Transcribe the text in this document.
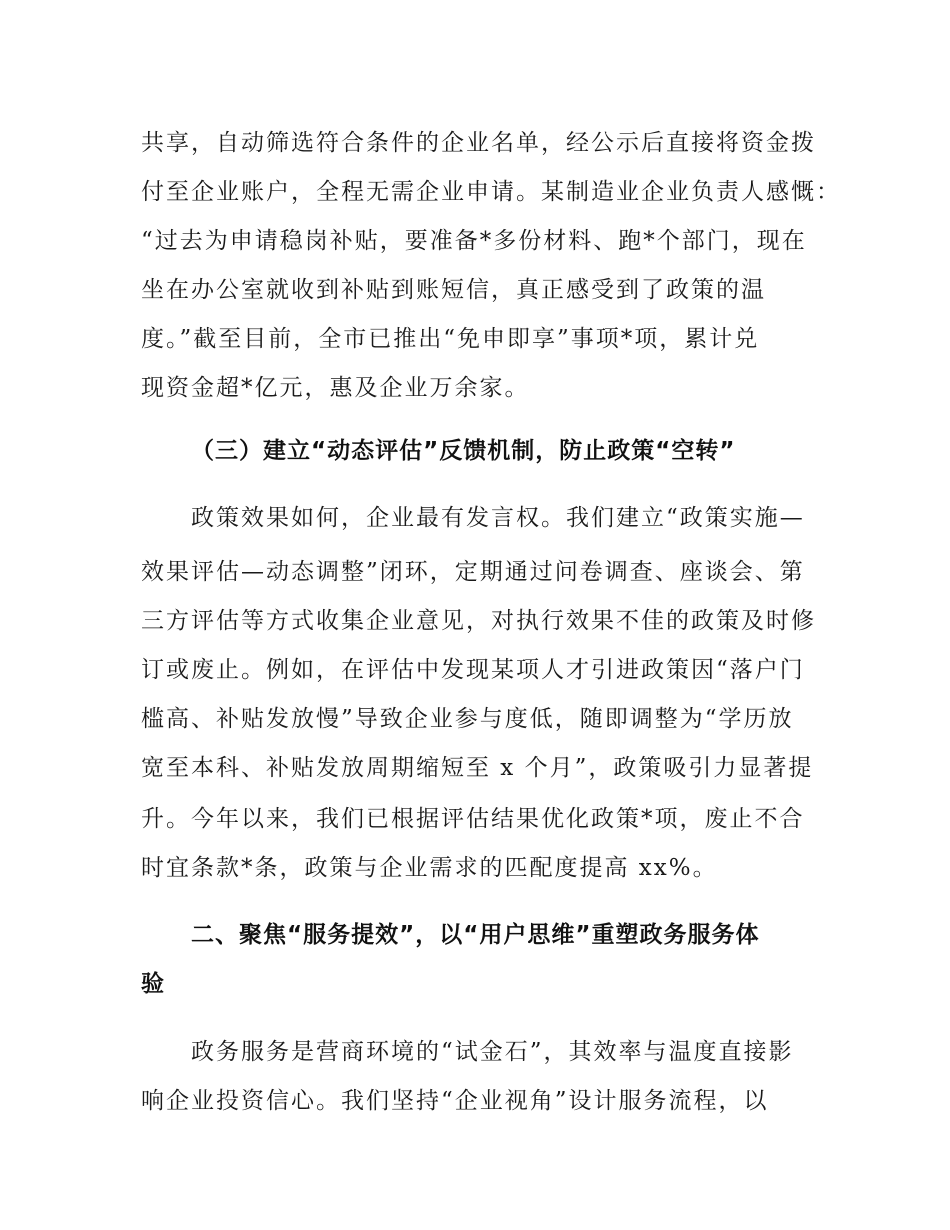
共享，自动筛选符合条件的企业名单，经公示后直接将资金拨

付至企业账户，全程无需企业申请。某制造业企业负责人感慨：

“过去为申请稳岗补贴，要准备*多份材料、跑*个部门，现在

坐在办公室就收到补贴到账短信，真正感受到了政策的温

度。”截至目前，全市已推出“免申即享”事项*项，累计兑

现资金超*亿元，惠及企业万余家。

（三）建立“动态评估”反馈机制，防止政策“空转”

政策效果如何，企业最有发言权。我们建立“政策实施—

效果评估—动态调整”闭环，定期通过问卷调查、座谈会、第

三方评估等方式收集企业意见，对执行效果不佳的政策及时修

订或废止。例如，在评估中发现某项人才引进政策因“落户门

槛高、补贴发放慢”导致企业参与度低，随即调整为“学历放

宽至本科、补贴发放周期缩短至 x 个月”，政策吸引力显著提

升。今年以来，我们已根据评估结果优化政策*项，废止不合

时宜条款*条，政策与企业需求的匹配度提高 xx%。

二、聚焦“服务提效”，以“用户思维”重塑政务服务体
验

政务服务是营商环境的“试金石”，其效率与温度直接影

响企业投资信心。我们坚持“企业视角”设计服务流程，以
